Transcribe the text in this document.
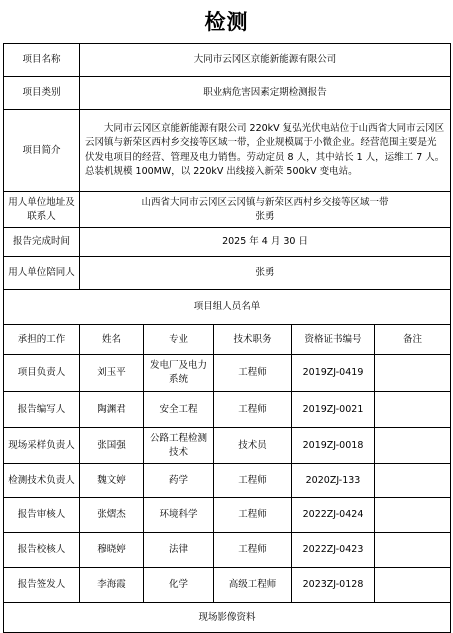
检测
项目名称	大同市云冈区京能新能源有限公司				
项目类别	职业病危害因素定期检测报告				
项目简介	大同市云冈区京能新能源有限公司 220kV 复弘光伏电站位于山西省大同市云冈区云冈镇与新荣区西村乡交接等区域一带，企业规模属于小微企业。经营范围主要是光伏发电项目的经营、管理及电力销售。劳动定员 8 人，其中站长 1 人，运维工 7 人。总装机规模 100MW，以 220kV 出线接入新荣 500kV 变电站。				

用人单位地址及联系人	山西省大同市云冈区云冈镇与新荣区西村乡交接等区域一带
张勇				

报告完成时间	2025 年 4 月 30 日				
用人单位陪同人	张勇				
项目组人员名单					
承担的工作	姓名	专业	技术职务	资格证书编号	备注
项目负责人	刘玉平	发电厂及电力系统	工程师	2019ZJ-0419	
报告编写人	陶渊君	安全工程	工程师	2019ZJ-0021	
现场采样负责人	张国强	公路工程检测技术	技术员	2019ZJ-0018	
检测技术负责人	魏文婷	药学	工程师	2020ZJ-133	
报告审核人	张熠杰	环境科学	工程师	2022ZJ-0424	
报告校核人	穆晓婷	法律	工程师	2022ZJ-0423	
报告签发人	李海霞	化学	高级工程师	2023ZJ-0128	
现场影像资料					
